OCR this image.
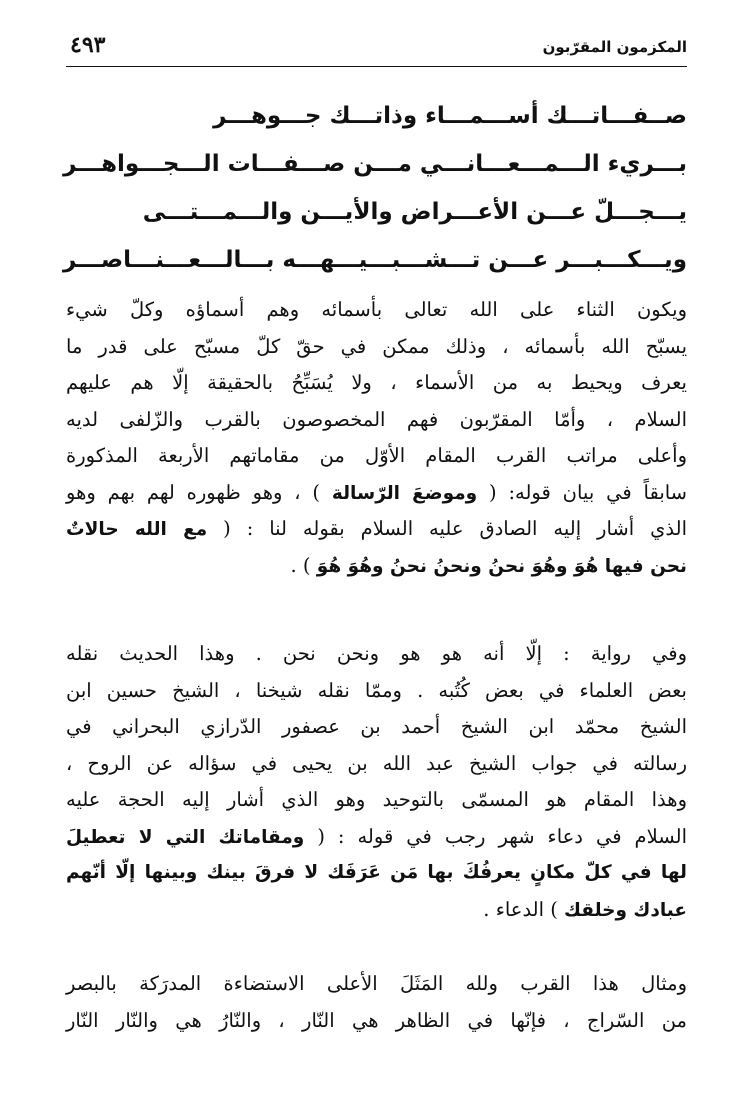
المكزمون المقرّبون
٤٩٣
صــفـــاتـــك أســـمـــاء وذاتـــك جـــوهـــر
بـــريء الـــمـــعـــانـــي مـــن صـــفـــات الـــجـــواهـــر
يـــجـــلّ عـــن الأعـــراض والأيـــن والـــمـــتـــى
ويـــكـــبـــر عـــن تـــشـــبـــيـــهـــه بـــالـــعـــنـــاصـــر
ويكون الثناء على الله تعالى بأسمائه وهم أسماؤه وكلّ شيء
يسبّح الله بأسمائه ، وذلك ممكن في حقّ كلّ مسبّح على قدر ما
يعرف ويحيط به من الأسماء ، ولا يُسَبِّحُ بالحقيقة إلّا هم عليهم
السلام ، وأمّا المقرّبون فهم المخصوصون بالقرب والزّلفى لديه
وأعلى مراتب القرب المقام الأوّل من مقاماتهم الأربعة المذكورة
سابقاً في بيان قوله: ( وموضعَ الرّسالة ) ، وهو ظهوره لهم بهم وهو
الذي أشار إليه الصادق عليه السلام بقوله لنا : ( مع الله حالاتٌ
نحن فيها هُوَ وهُوَ نحنُ ونحنُ نحنُ وهُوَ هُوَ ) .
وفي رواية : إلّا أنه هو هو ونحن نحن . وهذا الحديث نقله
بعض العلماء في بعض كُتُبه . وممّا نقله شيخنا ، الشيخ حسين ابن
الشيخ محمّد ابن الشيخ أحمد بن عصفور الدّرازي البحراني في
رسالته في جواب الشيخ عبد الله بن يحيى في سؤاله عن الروح ،
وهذا المقام هو المسمّى بالتوحيد وهو الذي أشار إليه الحجة عليه
السلام في دعاء شهر رجب في قوله : ( ومقاماتك التي لا تعطيلَ
لها في كلّ مكانٍ يعرفُكَ بها مَن عَرَفَك لا فرقَ بينك وبينها إلّا أنّهم
عبادك وخلقك ) الدعاء .
ومثال هذا القرب ولله المَثَلَ الأعلى الاستضاءة المدرَكة بالبصر
من السّراج ، فإنّها في الظاهر هي النّار ، والنّارُ هي والنّار النّار
